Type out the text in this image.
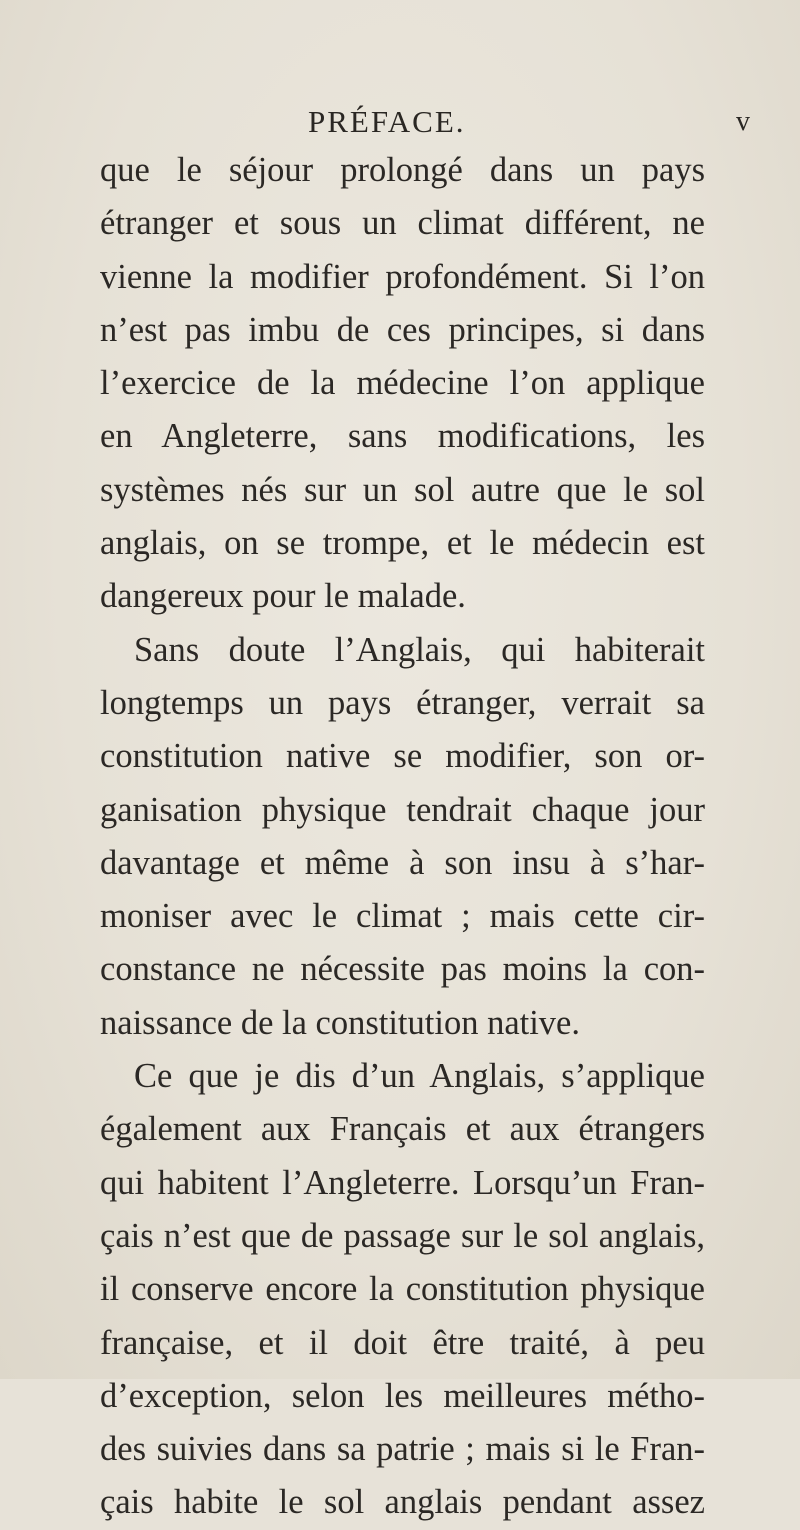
PRÉFACE.	v
que le séjour prolongé dans un pays
étranger et sous un climat différent, ne
vienne la modifier profondément. Si l’on
n’est pas imbu de ces principes, si dans
l’exercice de la médecine l’on applique
en Angleterre, sans modifications, les
systèmes nés sur un sol autre que le sol
anglais, on se trompe, et le médecin est
dangereux pour le malade.
Sans doute l’Anglais, qui habiterait
longtemps un pays étranger, verrait sa
constitution native se modifier, son or-
ganisation physique tendrait chaque jour
davantage et même à son insu à s’har-
moniser avec le climat ; mais cette cir-
constance ne nécessite pas moins la con-
naissance de la constitution native.
Ce que je dis d’un Anglais, s’applique
également aux Français et aux étrangers
qui habitent l’Angleterre. Lorsqu’un Fran-
çais n’est que de passage sur le sol anglais,
il conserve encore la constitution physique
française, et il doit être traité, à peu
d’exception, selon les meilleures métho-
des suivies dans sa patrie ; mais si le Fran-
çais habite le sol anglais pendant assez
